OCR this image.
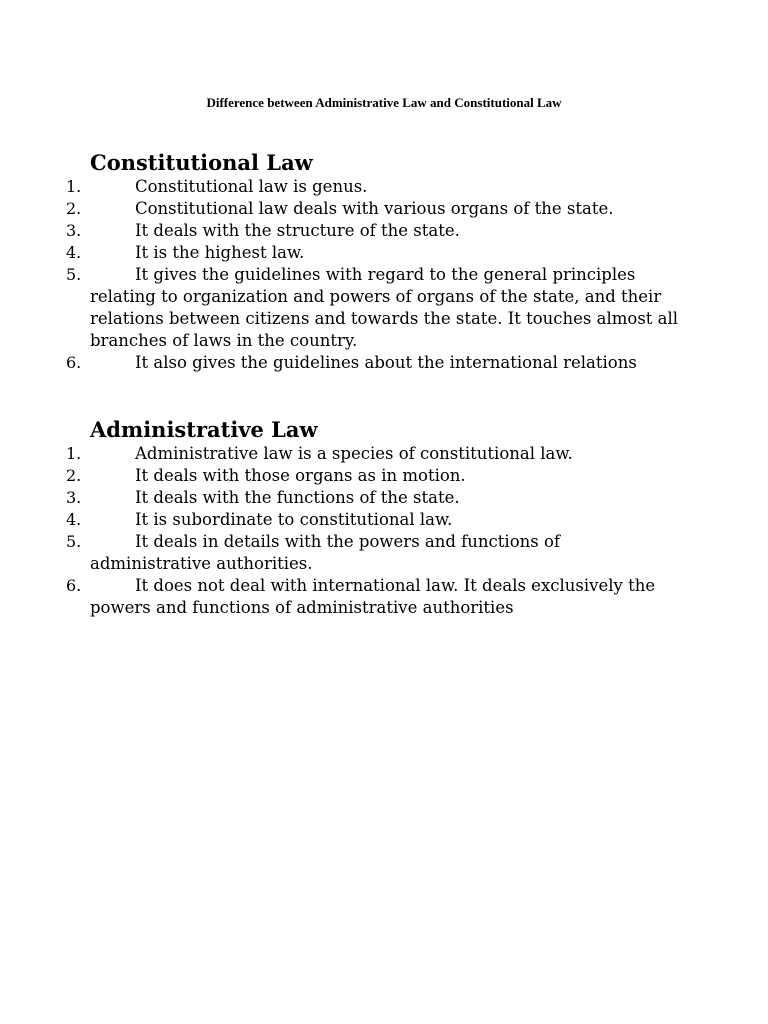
Difference between Administrative Law and Constitutional Law
Constitutional Law
1.	Constitutional law is genus.
2.	Constitutional law deals with various organs of the state.
3.	It deals with the structure of the state.
4.	It is the highest law.
5.	It gives the guidelines with regard to the general principles relating to organization and powers of organs of the state, and their relations between citizens and towards the state. It touches almost all branches of laws in the country.
6.	It also gives the guidelines about the international relations
Administrative Law
1.	Administrative law is a species of constitutional law.
2.	It deals with those organs as in motion.
3.	It deals with the functions of the state.
4.	It is subordinate to constitutional law.
5.	It deals in details with the powers and functions of administrative authorities.
6.	It does not deal with international law. It deals exclusively the powers and functions of administrative authorities
